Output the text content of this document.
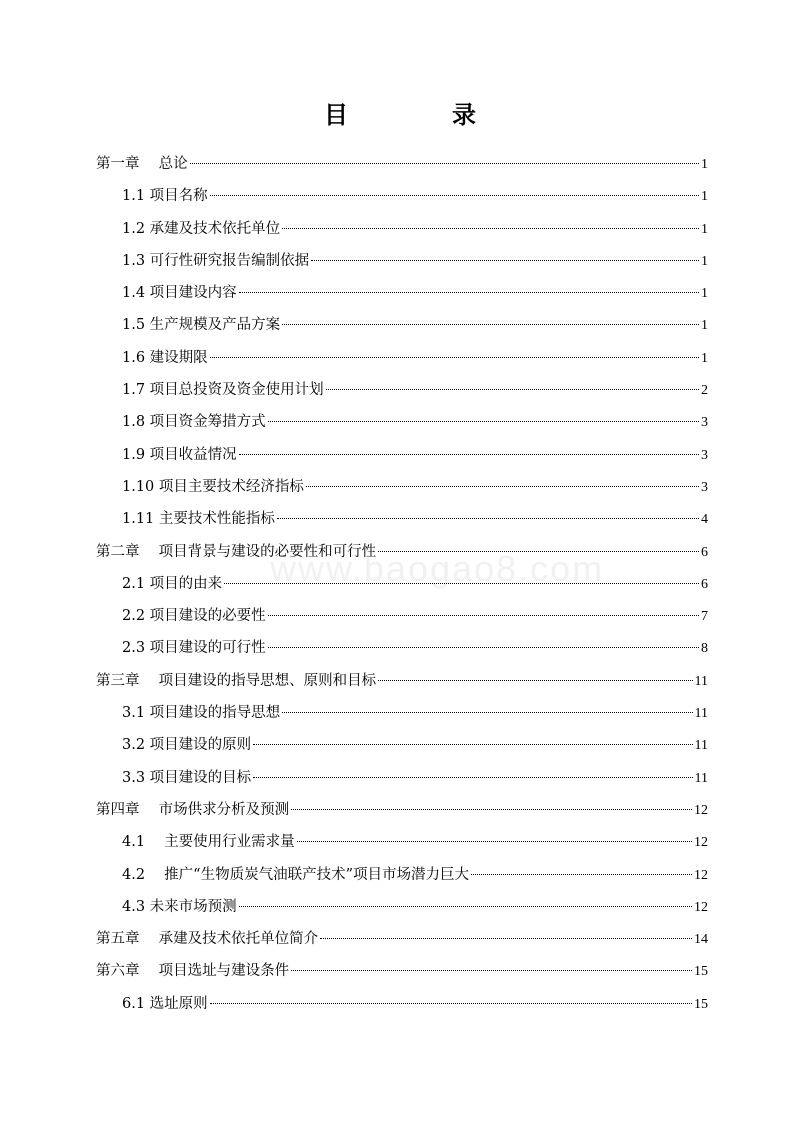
目　录
www.baogao8.com
第一章　 总论	1
1.1 项目名称	1
1.2 承建及技术依托单位	1
1.3 可行性研究报告编制依据	1
1.4 项目建设内容	1
1.5 生产规模及产品方案	1
1.6 建设期限	1
1.7 项目总投资及资金使用计划	2
1.8 项目资金筹措方式	3
1.9 项目收益情况	3
1.10 项目主要技术经济指标	3
1.11 主要技术性能指标	4
第二章　 项目背景与建设的必要性和可行性	6
2.1 项目的由来	6
2.2 项目建设的必要性	7
2.3 项目建设的可行性	8
第三章　 项目建设的指导思想、原则和目标	11
3.1 项目建设的指导思想	11
3.2 项目建设的原则	11
3.3 项目建设的目标	11
第四章　 市场供求分析及预测	12
4.1　 主要使用行业需求量	12
4.2　 推广“生物质炭气油联产技术”项目市场潜力巨大	12
4.3 未来市场预测	12
第五章　 承建及技术依托单位简介	14
第六章　 项目选址与建设条件	15
6.1 选址原则	15
